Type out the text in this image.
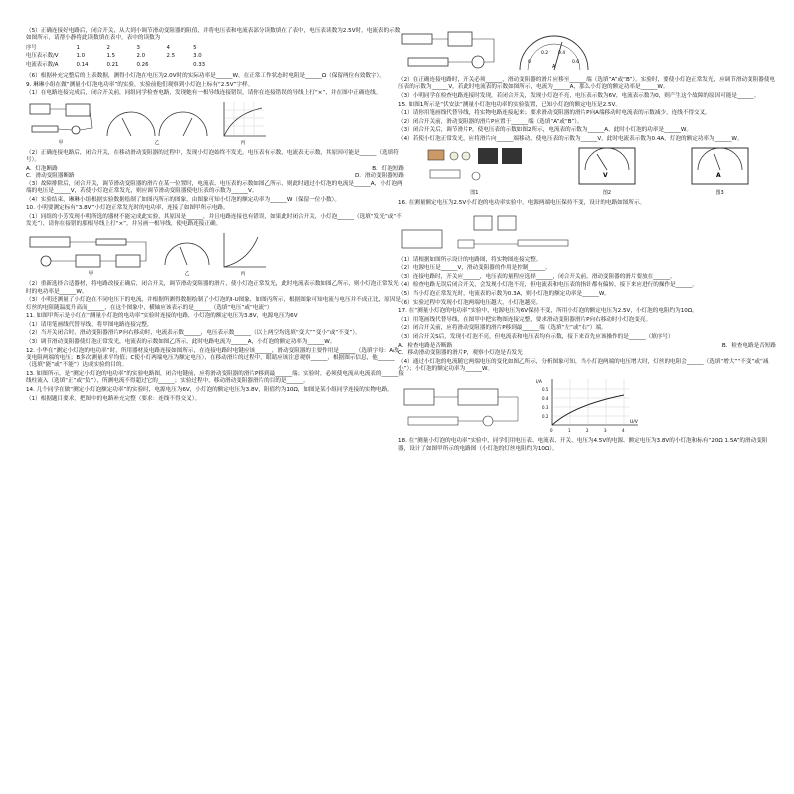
（5）正确连接好电路后，闭合开关，从大到小调节滑动变阻器的阻值，并将电压表和电流表部分读数填在了表中，电压表读数为2.5V时，电流表的示数如图所示，请帮小静将此读数填在表中，表中的读数为

序号	1	2	3	4	5
电压表示数/V	1.0	1.5	2.0	2.5	3.0
电流表示数/A	0.14	0.21	0.26		0.33

（6）根据补充完整后的上表数据，测得小灯泡在电压为2.0V时的实际功率是______W，在正常工作状态时电阻是______Ω（保留两位有效数字）。

9. 琳琳小组在做“测量小灯泡电功率”的实验，实验前他们观察到小灯泡上标有“2.5V”字样。

（1）在电路连接完成后，闭合开关前，同组同学检查电路，发现她有一根导线连接错误，请你在连接错误的导线上打“×”，并在图中正确连线。

甲	乙	丙

（2）正确连接电路后，闭合开关，在移动滑动变阻器的过程中，发现小灯泡始终不发光，电压表有示数，电流表无示数，其原因可能是______（选填符号）。

A．灯泡断路	B．灯泡短路
C．滑动变阻器断路	D．滑动变阻器短路

（3）故障排除后，闭合开关，调节滑动变阻器的滑片在某一位置时，电流表、电压表的示数如图乙所示，则此时通过小灯泡的电流是______A，小灯泡两端的电压是______V，若使小灯泡正常发光，则应调节滑动变阻器使电压表的示数为______V。

（4）实验结束，琳琳小组根据实验数据绘制了如图丙所示的图象，由图象可知小灯泡的额定功率为______W（保留一位小数）。

10. 小明要测定标有“3.8V”小灯泡正常发光时的电功率，连接了如图甲所示电路。

（1）同组的小芳发现小明所选的器材不能完成此实验，其原因是______，并且电路连接也有错误，如果此时闭合开关，小灯泡______（选填“发光”或“不发光”），请你在接错的那根导线上打“×”，并另画一根导线，使电路连接正确。

甲	乙	丙

（2）重新选择合适器材，将电路改接正确后，闭合开关，调节滑动变阻器的滑片，使小灯泡正常发光，此时电流表示数如图乙所示，则小灯泡正常发光时的电功率是______W。

（3）小明还测量了小灯泡在不同电压下的电流，并根据所测得数据绘制了小灯泡的I-U图象，如图丙所示，根据图象可知电流与电压并不成正比，原因是灯丝的电阻随温度升高而______，在这个图象中，横轴应该表示的是______（选填“电压”或“电流”）

11. 如图甲所示是小红在“测量小灯泡的电功率”实验时连接的电路，小灯泡的额定电压为3.8V，电源电压为6V

（1）请用笔画线代替导线，将甲图电路连接完整。

（2）当开关闭合时，滑动变阻器滑片P向右移动时，电流表示数______，电压表示数______（以上两空均选填“变大”“变小”或“不变”）。

（3）调节滑动变阻器使灯泡正常发光，电流表的示数如图乙所示，此时电路电流为______A，小灯泡的额定功率为______W。

12. 小华在“测定小灯泡的电功率”时，所用器材及电路连接如图所示，在连接电路时电键应该______，滑动变阻器的主要作用是______（选填字母：A改变电阻两端的电压；B多次测量求平均值；C使小灯两端电压为额定电压），在移动滑片的过程中，眼睛应该注意观察______，根据图示信息，他______（选填“能”或“不能”）达成实验的目的。

13. 如图所示，是“测定小灯泡的电功率”的实验电路图，闭合电键前，应将滑动变阻器的滑片P移到最______端；实验时，必须使电流从电流表的______接线柱流入（选填“正”或“负”），所测电流不得超过它的______；实验过程中，移动滑动变阻器滑片的目的是______。

14. 几个同学在做“测定小灯泡额定功率”的实验时，电源电压为6V，小灯泡的额定电压为3.8V，阻值约为10Ω，如图是某小组同学连接的实物电路。

（1）根据题目要求，把图中的电路补充完整（要求：连线不得交叉）。

0
0.2 0.4
0.6
A

（2）在正确连接电路时，开关必须______，滑动变阻器的滑片应移至______端（选填“A”或“B”）。实验时，要使小灯泡正常发光，应调节滑动变阻器使电压表的示数为______V，若此时电流表的示数如图所示，电流为______A，那么小灯泡的额定功率是______W。

（3）小明同学在检查电路连接时发现，若闭合开关，发现小灯泡不亮，电压表示数为6V，电流表示数为0，则产生这个故障的原因可能是______。

15. 如图1所示是“伏安法”测量小灯泡电功率的实验装置，已知小灯泡的额定电压是2.5V。

（1）请你用笔画线代替导线，将实物电路连接起来；要求滑动变阻器的滑片P向A端移动时电流表的示数减少，连线不得交叉。

（2）闭合开关前，滑动变阻器的滑片P应置于______端（选填“A”或“B”）。

（3）闭合开关后，调节滑片P，使电压表的示数如图2所示，电流表的示数为______A，此时小灯泡的功率是______W。

（4）若使小灯泡正常发光，应将滑片向______端移动，使电压表的示数为______V，此时电流表示数为0.4A，灯泡的额定功率为______W。

图1
V
图2
A
图3

16. 在测量额定电压为2.5V小灯泡的电功率实验中，电源两端电压保持不变，设计的电路如图所示。

（1）请根据如图所示设计的电路图，将实物图连接完整。

（2）电源电压是______V，滑动变阻器的作用是控制______。

（3）连接电路时，开关应______，电压表的量程应选择______，闭合开关前，滑动变阻器的滑片要放在______。

（4）检查电路无误后闭合开关，会发现小灯泡不亮，但电流表和电压表的指针都有偏转，接下来应进行的操作是______。

（5）当小灯泡正常发光时，电流表的示数为0.3A，则小灯泡的额定功率是______W。

（6）实验过程中发现小灯泡两端电压越大，小灯泡越亮。

17. 在“测量小灯泡的电功率”实验中，电源电压为6V保持不变，所用小灯泡的额定电压为2.5V，小灯泡的电阻约为10Ω。

（1）用笔画线代替导线，在图甲中把实物图连接完整，要求滑动变阻器滑片P向右移动时小灯泡变亮。

（2）闭合开关前，应将滑动变阻器的滑片P移到最______端（选填“左”或“右”）端。

（3）闭合开关S后，发现小灯泡不亮，但电流表和电压表均有示数，接下来首先应该操作的是______（填序号）

A．检查电路是否断路	B．检查电路是否短路

C．移动滑动变阻器的滑片P，观察小灯泡是否发光

（4）通过小灯泡的电流随它两端电压的变化如图乙所示，分析图象可知，当小灯泡两端的电压增大时，灯丝的电阻会______（选填“增大”“不变”或“减小”）；小灯泡的额定功率为______W。

I/A
0.5
0.4
0.3
0.2
0	1	2	3	4
U/V

18. 在“测量小灯泡的电功率”实验中，同学们用电压表、电流表、开关、电压为4.5V的电源、额定电压为3.8V的小灯泡和标有“20Ω 1.5A”的滑动变阻器，设计了如图甲所示的电路图（小灯泡的灯丝电阻约为10Ω）。
